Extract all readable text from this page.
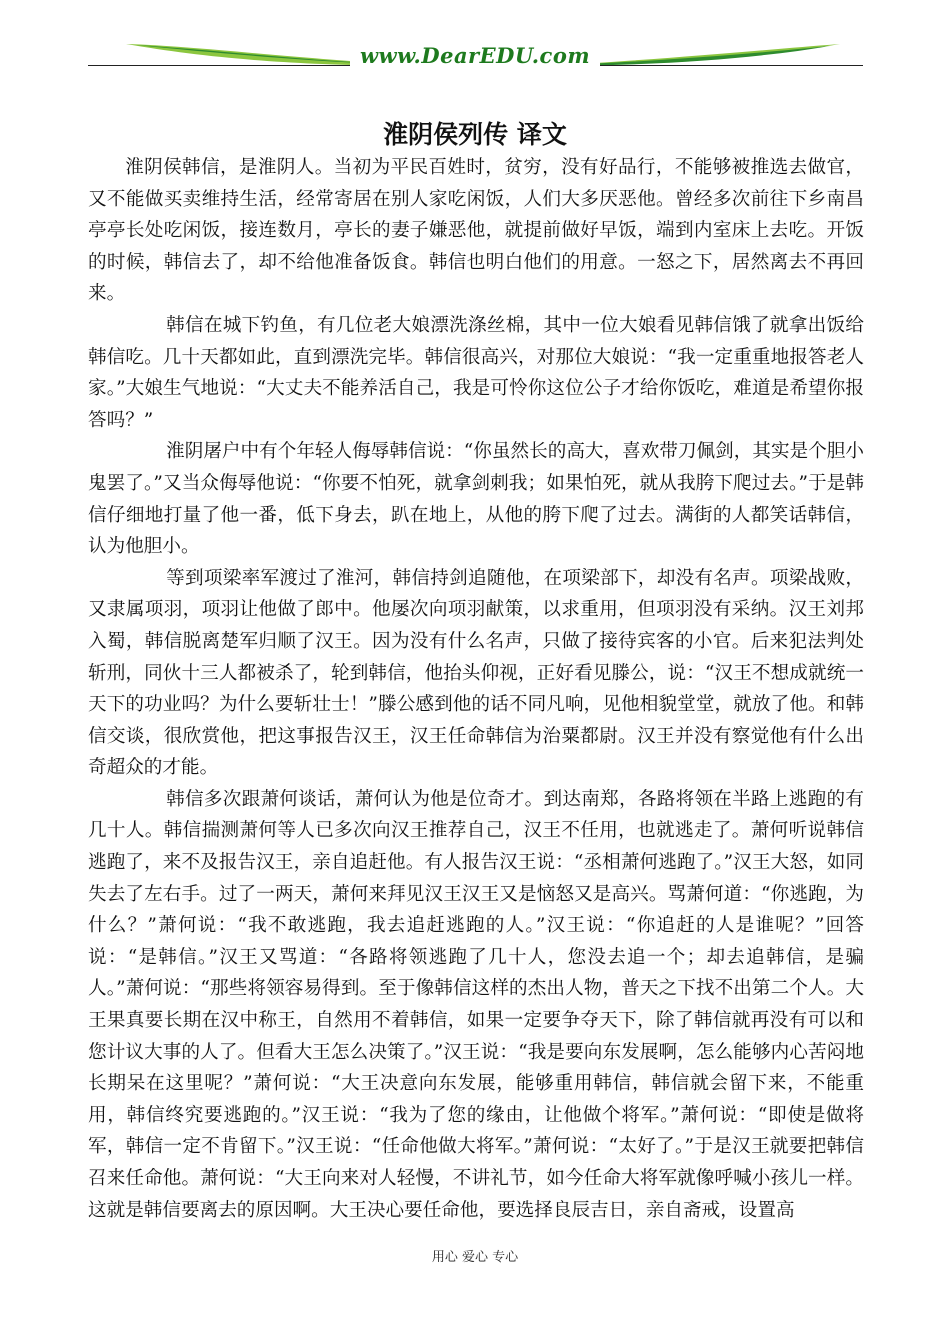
www.DearEDU.com
淮阴侯列传 译文

淮阴侯韩信，是淮阴人。当初为平民百姓时，贫穷，没有好品行，不能够被推选去做官，又不能做买卖维持生活，经常寄居在别人家吃闲饭，人们大多厌恶他。曾经多次前往下乡南昌亭亭长处吃闲饭，接连数月，亭长的妻子嫌恶他，就提前做好早饭，端到内室床上去吃。开饭的时候，韩信去了，却不给他准备饭食。韩信也明白他们的用意。一怒之下，居然离去不再回来。

韩信在城下钓鱼，有几位老大娘漂洗涤丝棉，其中一位大娘看见韩信饿了就拿出饭给韩信吃。几十天都如此，直到漂洗完毕。韩信很高兴，对那位大娘说：“我一定重重地报答老人家。”大娘生气地说：“大丈夫不能养活自己，我是可怜你这位公子才给你饭吃，难道是希望你报答吗？”

淮阴屠户中有个年轻人侮辱韩信说：“你虽然长的高大，喜欢带刀佩剑，其实是个胆小鬼罢了。”又当众侮辱他说：“你要不怕死，就拿剑刺我；如果怕死，就从我胯下爬过去。”于是韩信仔细地打量了他一番，低下身去，趴在地上，从他的胯下爬了过去。满街的人都笑话韩信，认为他胆小。

等到项梁率军渡过了淮河，韩信持剑追随他，在项梁部下，却没有名声。项梁战败，又隶属项羽，项羽让他做了郎中。他屡次向项羽献策，以求重用，但项羽没有采纳。汉王刘邦入蜀，韩信脱离楚军归顺了汉王。因为没有什么名声，只做了接待宾客的小官。后来犯法判处斩刑，同伙十三人都被杀了，轮到韩信，他抬头仰视，正好看见滕公，说：“汉王不想成就统一天下的功业吗？为什么要斩壮士！”滕公感到他的话不同凡响，见他相貌堂堂，就放了他。和韩信交谈，很欣赏他，把这事报告汉王，汉王任命韩信为治粟都尉。汉王并没有察觉他有什么出奇超众的才能。

韩信多次跟萧何谈话，萧何认为他是位奇才。到达南郑，各路将领在半路上逃跑的有几十人。韩信揣测萧何等人已多次向汉王推荐自己，汉王不任用，也就逃走了。萧何听说韩信逃跑了，来不及报告汉王，亲自追赶他。有人报告汉王说：“丞相萧何逃跑了。”汉王大怒，如同失去了左右手。过了一两天，萧何来拜见汉王汉王又是恼怒又是高兴。骂萧何道：“你逃跑，为什么？”萧何说：“我不敢逃跑，我去追赶逃跑的人。”汉王说：“你追赶的人是谁呢？”回答说：“是韩信。”汉王又骂道：“各路将领逃跑了几十人，您没去追一个；却去追韩信，是骗人。”萧何说：“那些将领容易得到。至于像韩信这样的杰出人物，普天之下找不出第二个人。大王果真要长期在汉中称王，自然用不着韩信，如果一定要争夺天下，除了韩信就再没有可以和您计议大事的人了。但看大王怎么决策了。”汉王说：“我是要向东发展啊，怎么能够内心苦闷地长期呆在这里呢？”萧何说：“大王决意向东发展，能够重用韩信，韩信就会留下来，不能重用，韩信终究要逃跑的。”汉王说：“我为了您的缘由，让他做个将军。”萧何说：“即使是做将军，韩信一定不肯留下。”汉王说：“任命他做大将军。”萧何说：“太好了。”于是汉王就要把韩信召来任命他。萧何说：“大王向来对人轻慢，不讲礼节，如今任命大将军就像呼喊小孩儿一样。这就是韩信要离去的原因啊。大王决心要任命他，要选择良辰吉日，亲自斋戒，设置高

用心 爱心 专心
